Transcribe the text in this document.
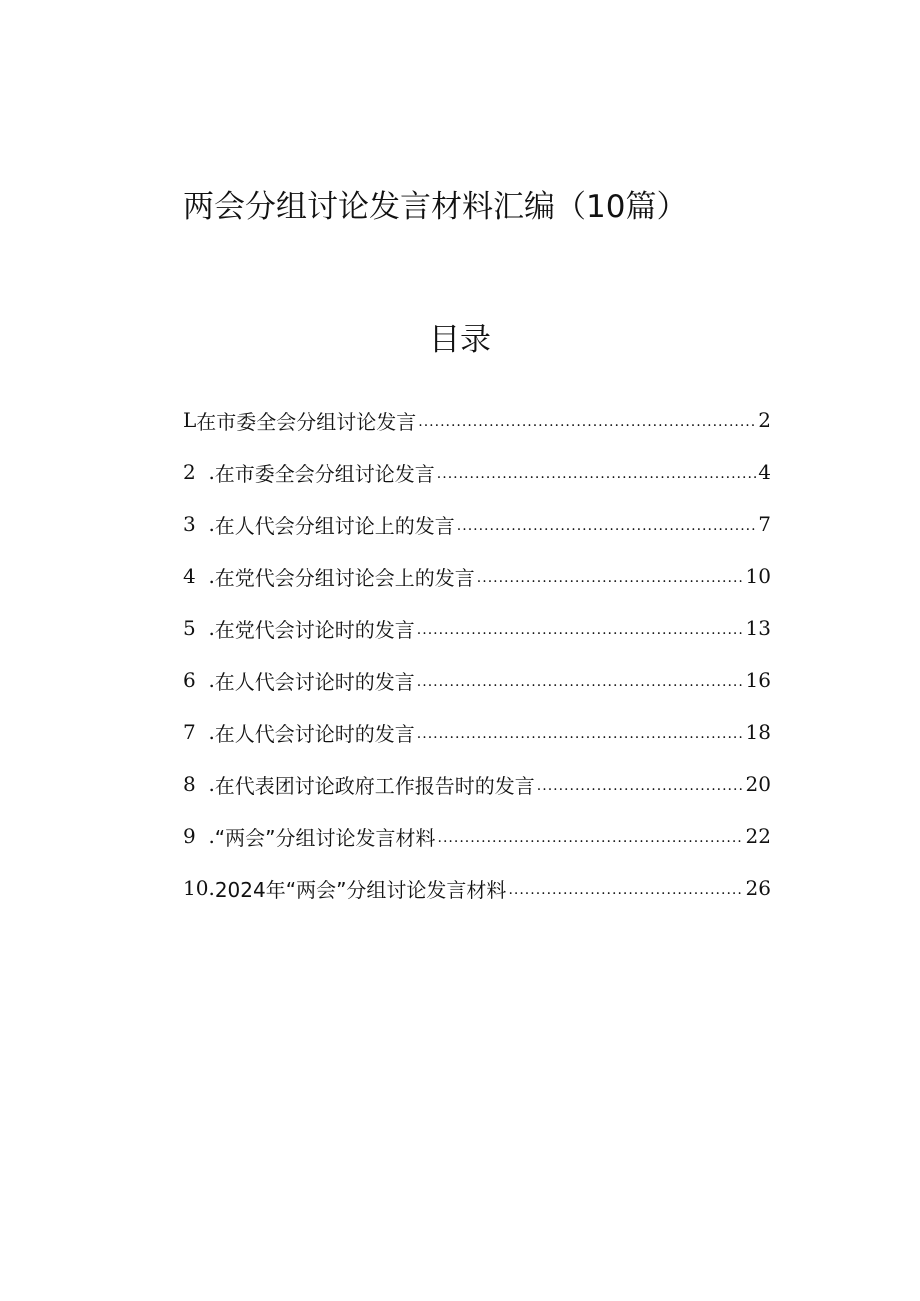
两会分组讨论发言材料汇编（10篇）
目录
L 在市委全会分组讨论发言 .....	2
2  . 在市委全会分组讨论发言 .....	4
3  . 在人代会分组讨论上的发言 .....	7
4  . 在党代会分组讨论会上的发言 .....	10
5  . 在党代会讨论时的发言 .....	13
6  . 在人代会讨论时的发言 .....	16
7  . 在人代会讨论时的发言 .....	18
8  . 在代表团讨论政府工作报告时的发言 .....	20
9  . “两会”分组讨论发言材料 .....	22
10. 2024年“两会”分组讨论发言材料 .....	26
